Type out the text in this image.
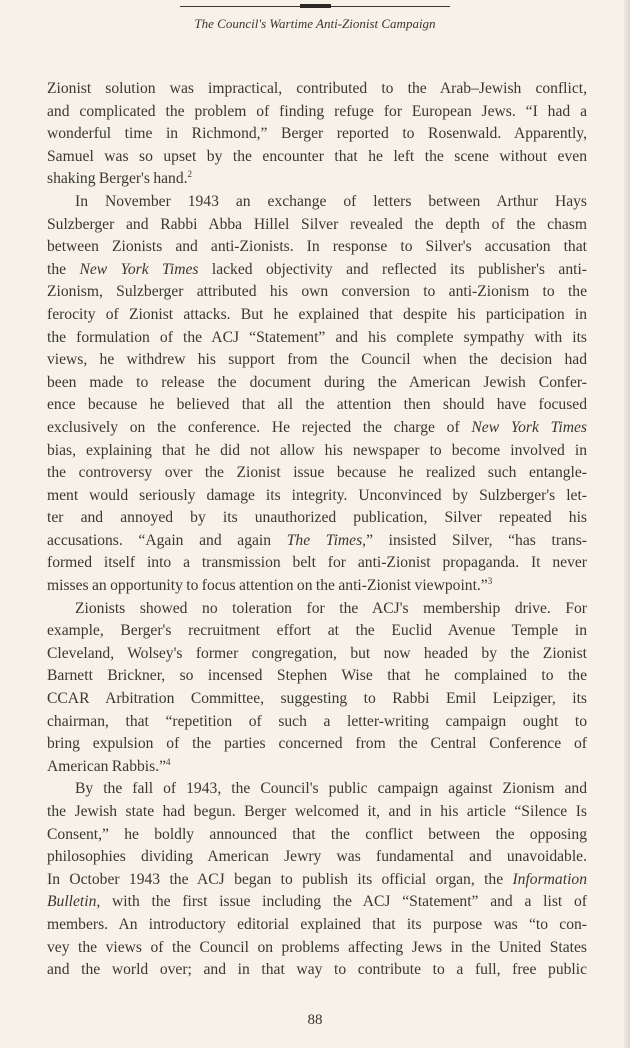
The Council's Wartime Anti-Zionist Campaign
Zionist solution was impractical, contributed to the Arab–Jewish conflict,
and complicated the problem of finding refuge for European Jews. “I had a
wonderful time in Richmond,” Berger reported to Rosenwald. Apparently,
Samuel was so upset by the encounter that he left the scene without even
shaking Berger's hand.$^2$
In November 1943 an exchange of letters between Arthur Hays
Sulzberger and Rabbi Abba Hillel Silver revealed the depth of the chasm
between Zionists and anti-Zionists. In response to Silver's accusation that
the New York Times lacked objectivity and reflected its publisher's anti-
Zionism, Sulzberger attributed his own conversion to anti-Zionism to the
ferocity of Zionist attacks. But he explained that despite his participation in
the formulation of the ACJ “Statement” and his complete sympathy with its
views, he withdrew his support from the Council when the decision had
been made to release the document during the American Jewish Confer-
ence because he believed that all the attention then should have focused
exclusively on the conference. He rejected the charge of New York Times
bias, explaining that he did not allow his newspaper to become involved in
the controversy over the Zionist issue because he realized such entangle-
ment would seriously damage its integrity. Unconvinced by Sulzberger's let-
ter and annoyed by its unauthorized publication, Silver repeated his
accusations. “Again and again The Times,” insisted Silver, “has trans-
formed itself into a transmission belt for anti-Zionist propaganda. It never
misses an opportunity to focus attention on the anti-Zionist viewpoint.”$^3$
Zionists showed no toleration for the ACJ's membership drive. For
example, Berger's recruitment effort at the Euclid Avenue Temple in
Cleveland, Wolsey's former congregation, but now headed by the Zionist
Barnett Brickner, so incensed Stephen Wise that he complained to the
CCAR Arbitration Committee, suggesting to Rabbi Emil Leipziger, its
chairman, that “repetition of such a letter-writing campaign ought to
bring expulsion of the parties concerned from the Central Conference of
American Rabbis.”$^4$
By the fall of 1943, the Council's public campaign against Zionism and
the Jewish state had begun. Berger welcomed it, and in his article “Silence Is
Consent,” he boldly announced that the conflict between the opposing
philosophies dividing American Jewry was fundamental and unavoidable.
In October 1943 the ACJ began to publish its official organ, the Information
Bulletin, with the first issue including the ACJ “Statement” and a list of
members. An introductory editorial explained that its purpose was “to con-
vey the views of the Council on problems affecting Jews in the United States
and the world over; and in that way to contribute to a full, free public
88
